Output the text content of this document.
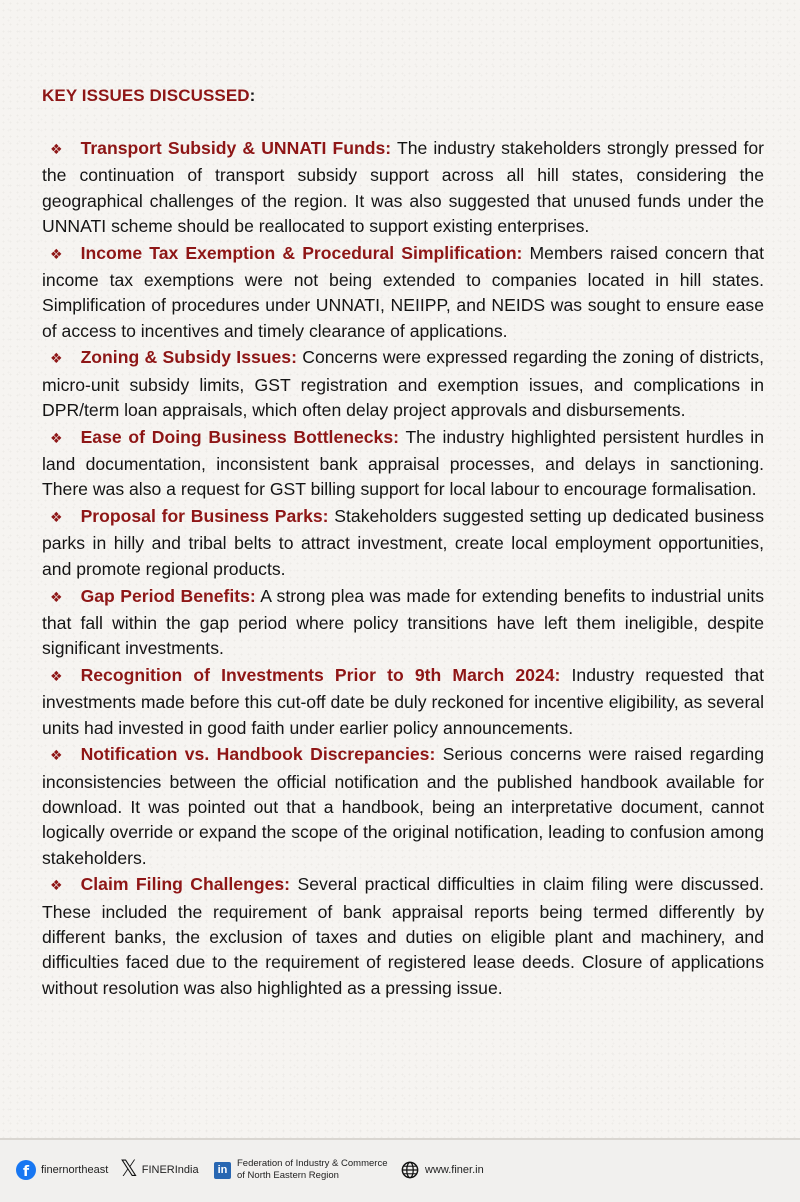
KEY ISSUES DISCUSSED:
❖ Transport Subsidy & UNNATI Funds: The industry stakeholders strongly pressed for the continuation of transport subsidy support across all hill states, considering the geographical challenges of the region. It was also suggested that unused funds under the UNNATI scheme should be reallocated to support existing enterprises.
❖ Income Tax Exemption & Procedural Simplification: Members raised concern that income tax exemptions were not being extended to companies located in hill states. Simplification of procedures under UNNATI, NEIIPP, and NEIDS was sought to ensure ease of access to incentives and timely clearance of applications.
❖ Zoning & Subsidy Issues: Concerns were expressed regarding the zoning of districts, micro-unit subsidy limits, GST registration and exemption issues, and complications in DPR/term loan appraisals, which often delay project approvals and disbursements.
❖ Ease of Doing Business Bottlenecks: The industry highlighted persistent hurdles in land documentation, inconsistent bank appraisal processes, and delays in sanctioning. There was also a request for GST billing support for local labour to encourage formalisation.
❖ Proposal for Business Parks: Stakeholders suggested setting up dedicated business parks in hilly and tribal belts to attract investment, create local employment opportunities, and promote regional products.
❖ Gap Period Benefits: A strong plea was made for extending benefits to industrial units that fall within the gap period where policy transitions have left them ineligible, despite significant investments.
❖ Recognition of Investments Prior to 9th March 2024: Industry requested that investments made before this cut-off date be duly reckoned for incentive eligibility, as several units had invested in good faith under earlier policy announcements.
❖ Notification vs. Handbook Discrepancies: Serious concerns were raised regarding inconsistencies between the official notification and the published handbook available for download. It was pointed out that a handbook, being an interpretative document, cannot logically override or expand the scope of the original notification, leading to confusion among stakeholders.
❖ Claim Filing Challenges: Several practical difficulties in claim filing were discussed. These included the requirement of bank appraisal reports being termed differently by different banks, the exclusion of taxes and duties on eligible plant and machinery, and difficulties faced due to the requirement of registered lease deeds. Closure of applications without resolution was also highlighted as a pressing issue.
f	finernortheast 𝕏 FINERIndia	in
Federation of Industry & Commerce
of North Eastern Region	www.finer.in
